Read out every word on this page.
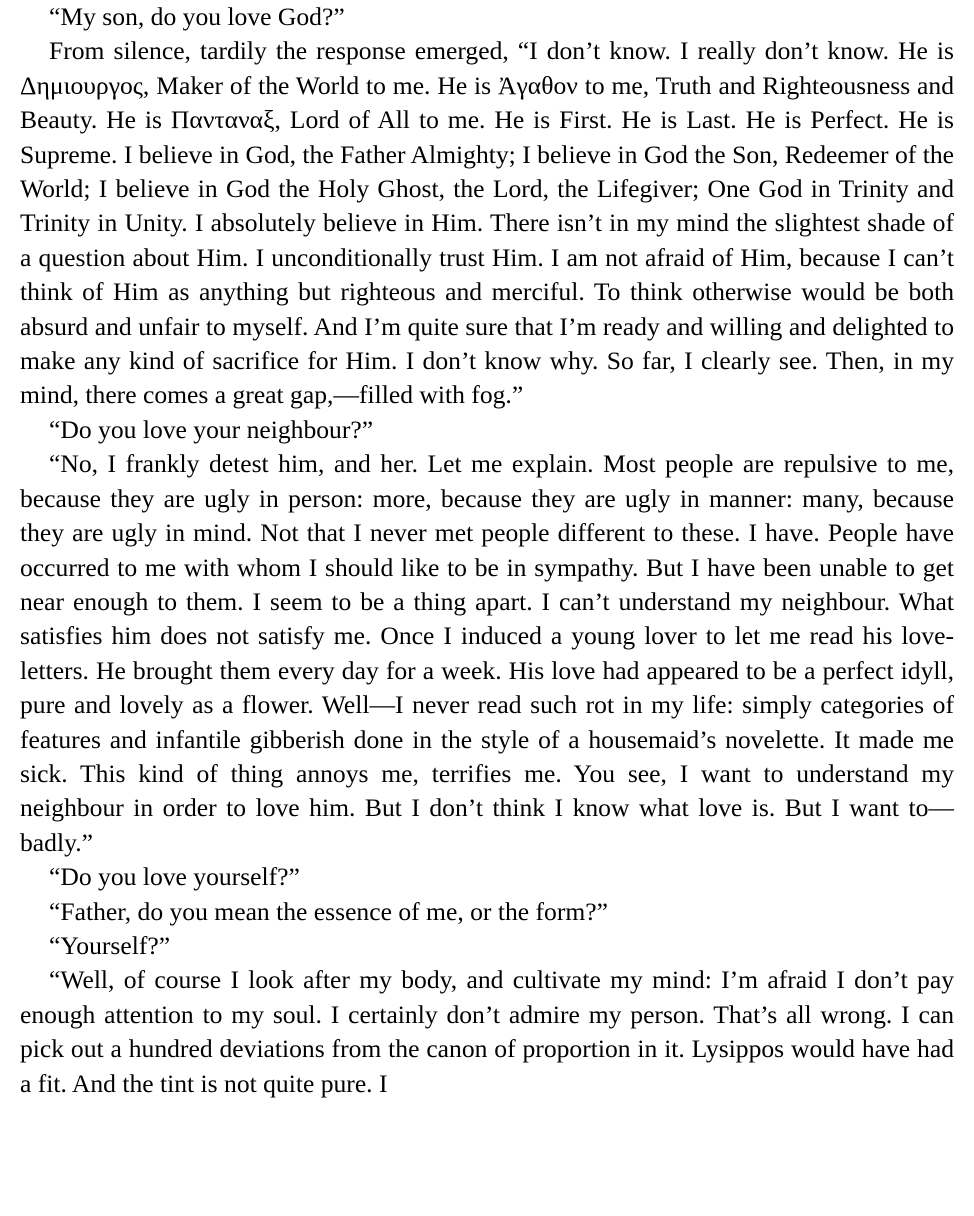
“My son, do you love God?”

From silence, tardily the response emerged, “I don’t know. I really don’t know. He is Δημιουργος, Maker of the World to me. He is Ἀγαθον to me, Truth and Righteousness and Beauty. He is Πανταναξ, Lord of All to me. He is First. He is Last. He is Perfect. He is Supreme. I believe in God, the Father Almighty; I believe in God the Son, Redeemer of the World; I believe in God the Holy Ghost, the Lord, the Lifegiver; One God in Trinity and Trinity in Unity. I absolutely believe in Him. There isn’t in my mind the slightest shade of a question about Him. I unconditionally trust Him. I am not afraid of Him, because I can’t think of Him as anything but righteous and merciful. To think otherwise would be both absurd and unfair to myself. And I’m quite sure that I’m ready and willing and delighted to make any kind of sacrifice for Him. I don’t know why. So far, I clearly see. Then, in my mind, there comes a great gap,—filled with fog.”

“Do you love your neighbour?”

“No, I frankly detest him, and her. Let me explain. Most people are repulsive to me, because they are ugly in person: more, because they are ugly in manner: many, because they are ugly in mind. Not that I never met people different to these. I have. People have occurred to me with whom I should like to be in sympathy. But I have been unable to get near enough to them. I seem to be a thing apart. I can’t understand my neighbour. What satisfies him does not satisfy me. Once I induced a young lover to let me read his love-letters. He brought them every day for a week. His love had appeared to be a perfect idyll, pure and lovely as a flower. Well—I never read such rot in my life: simply categories of features and infantile gibberish done in the style of a housemaid’s novelette. It made me sick. This kind of thing annoys me, terrifies me. You see, I want to understand my neighbour in order to love him. But I don’t think I know what love is. But I want to—badly.”

“Do you love yourself?”

“Father, do you mean the essence of me, or the form?”

“Yourself?”

“Well, of course I look after my body, and cultivate my mind: I’m afraid I don’t pay enough attention to my soul. I certainly don’t admire my person. That’s all wrong. I can pick out a hundred deviations from the canon of proportion in it. Lysippos would have had a fit. And the tint is not quite pure. I
